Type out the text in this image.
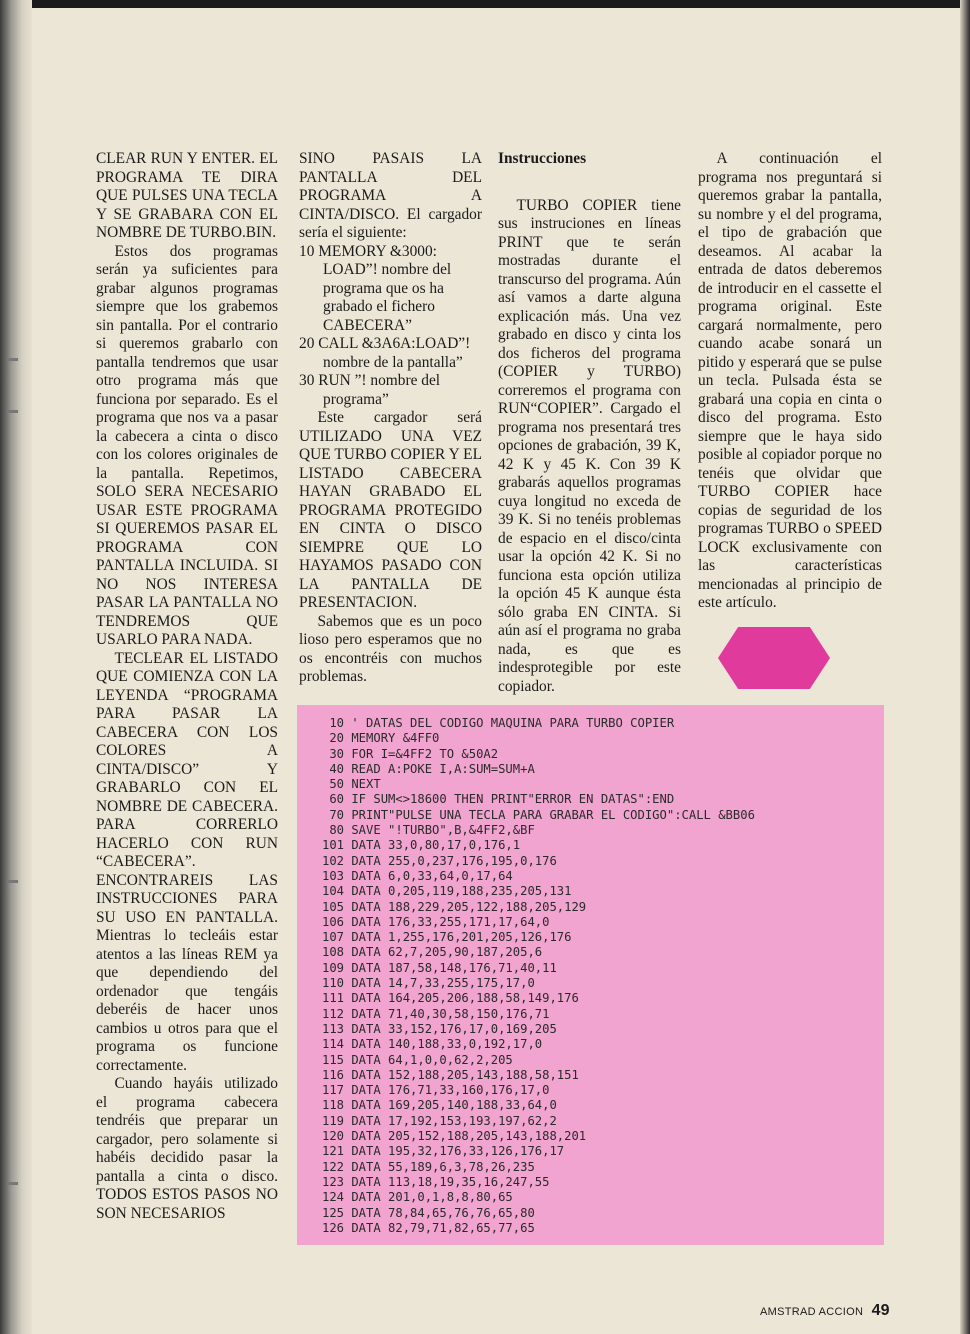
CLEAR RUN Y ENTER. EL PROGRAMA TE DIRA QUE PULSES UNA TECLA Y SE GRABARA CON EL NOMBRE DE TURBO.BIN.

Estos dos programas serán ya suficientes para grabar algunos programas siempre que los grabemos sin pantalla. Por el contrario si queremos grabarlo con pantalla tendremos que usar otro programa más que funciona por separado. Es el programa que nos va a pasar la cabecera a cinta o disco con los colores originales de la pantalla. Repetimos, SOLO SERA NECESARIO USAR ESTE PROGRAMA SI QUEREMOS PASAR EL PROGRAMA CON PANTALLA INCLUIDA. SI NO NOS INTERESA PASAR LA PANTALLA NO TENDREMOS QUE USARLO PARA NADA.

TECLEAR EL LISTADO QUE COMIENZA CON LA LEYENDA “PROGRAMA PARA PASAR LA CABECERA CON LOS COLORES A CINTA/DISCO” Y GRABARLO CON EL NOMBRE DE CABECERA. PARA CORRERLO HACERLO CON RUN “CABECERA”. ENCONTRAREIS LAS INSTRUCCIONES PARA SU USO EN PANTALLA. Mientras lo tecleáis estar atentos a las líneas REM ya que dependiendo del ordenador que tengáis deberéis de hacer unos cambios u otros para que el programa os funcione correctamente.

Cuando hayáis utilizado el programa cabecera tendréis que preparar un cargador, pero solamente si habéis decidido pasar la pantalla a cinta o disco. TODOS ESTOS PASOS NO SON NECESARIOS

SINO PASAIS LA PANTALLA DEL PROGRAMA A CINTA/DISCO. El cargador sería el siguiente:

10 MEMORY &3000: LOAD”! nombre del programa que os ha grabado el fichero CABECERA”

20 CALL &3A6A:LOAD”! nombre de la pantalla”

30 RUN ”! nombre del programa”

Este cargador será UTILIZADO UNA VEZ QUE TURBO COPIER Y EL LISTADO CABECERA HAYAN GRABADO EL PROGRAMA PROTEGIDO EN CINTA O DISCO SIEMPRE QUE LO HAYAMOS PASADO CON LA PANTALLA DE PRESENTACION.

Sabemos que es un poco lioso pero esperamos que no os encontréis con muchos problemas.

Instrucciones

TURBO COPIER tiene sus instruciones en líneas PRINT que te serán mostradas durante el transcurso del programa. Aún así vamos a darte alguna explicación más. Una vez grabado en disco y cinta los dos ficheros del programa (COPIER y TURBO) correremos el programa con RUN“COPIER”. Cargado el programa nos presentará tres opciones de grabación, 39 K, 42 K y 45 K. Con 39 K grabarás aquellos programas cuya longitud no exceda de 39 K. Si no tenéis problemas de espacio en el disco/cinta usar la opción 42 K. Si no funciona esta opción utiliza la opción 45 K aunque ésta sólo graba EN CINTA. Si aún así el programa no graba nada, es que es indesprotegible por este copiador.

A continuación el programa nos preguntará si queremos grabar la pantalla, su nombre y el del programa, el tipo de grabación que deseamos. Al acabar la entrada de datos deberemos de introducir en el cassette el programa original. Este cargará normalmente, pero cuando acabe sonará un pitido y esperará que se pulse un tecla. Pulsada ésta se grabará una copia en cinta o disco del programa. Esto siempre que le haya sido posible al copiador porque no tenéis que olvidar que TURBO COPIER hace copias de seguridad de los programas TURBO o SPEED LOCK exclusivamente con las características mencionadas al principio de este artículo.

10 ' DATAS DEL CODIGO MAQUINA PARA TURBO COPIER
20 MEMORY &4FF0
30 FOR I=&4FF2 TO &50A2
40 READ A:POKE I,A:SUM=SUM+A
50 NEXT
60 IF SUM<>18600 THEN PRINT"ERROR EN DATAS":END
70 PRINT"PULSE UNA TECLA PARA GRABAR EL CODIGO":CALL &BB06
80 SAVE "!TURBO",B,&4FF2,&BF
101 DATA 33,0,80,17,0,176,1
102 DATA 255,0,237,176,195,0,176
103 DATA 6,0,33,64,0,17,64
104 DATA 0,205,119,188,235,205,131
105 DATA 188,229,205,122,188,205,129
106 DATA 176,33,255,171,17,64,0
107 DATA 1,255,176,201,205,126,176
108 DATA 62,7,205,90,187,205,6
109 DATA 187,58,148,176,71,40,11
110 DATA 14,7,33,255,175,17,0
111 DATA 164,205,206,188,58,149,176
112 DATA 71,40,30,58,150,176,71
113 DATA 33,152,176,17,0,169,205
114 DATA 140,188,33,0,192,17,0
115 DATA 64,1,0,0,62,2,205
116 DATA 152,188,205,143,188,58,151
117 DATA 176,71,33,160,176,17,0
118 DATA 169,205,140,188,33,64,0
119 DATA 17,192,153,193,197,62,2
120 DATA 205,152,188,205,143,188,201
121 DATA 195,32,176,33,126,176,17
122 DATA 55,189,6,3,78,26,235
123 DATA 113,18,19,35,16,247,55
124 DATA 201,0,1,8,8,80,65
125 DATA 78,84,65,76,76,65,80
126 DATA 82,79,71,82,65,77,65
AMSTRAD ACCION 49
